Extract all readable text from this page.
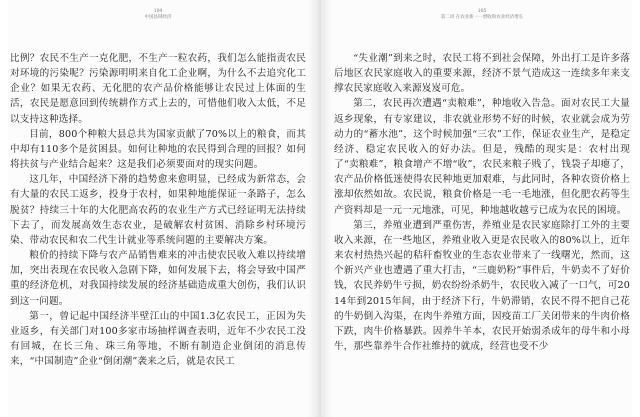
104
中国县域经济

比例？农民不生产一克化肥，不生产一粒农药，我们怎么能指责农民对环境的污染呢？污染源明明来自化工企业啊，为什么不去追究化工企业？如果无农药、无化肥的农产品价格能够让农民过上体面的生活，农民是愿意回到传统耕作方式上去的，可惜他们收入太低，不足以支持这种选择。

目前，800个种粮大县总共为国家贡献了70%以上的粮食，而其中却有110多个是贫困县。如何让种地的农民得到合理的回报？如何将扶贫与产业结合起来？这是我们必须要面对的现实问题。

这几年，中国经济下滑的趋势愈来愈明显，已经成为新常态，会有大量的农民工返乡，投身于农村，如果种地能保证一条路子，怎么脱贫？持续三十年的大化肥高农药的农业生产方式已经证明无法持续下去了，而发展高效生态农业，是破解农村贫困、消除乡村环境污染、带动农民和农二代生计就业等系统问题的主要解决方案。

粮价的持续下降与农产品销售难来的冲击使农民收入难以持续增加，突出表现在农民收入急剧下降，如何发展下去，将会导致中国严重的经济危机，对我国持续发展的经济基础造成重大创伤，我们认识到这一问题。

第一，曾记起中国经济半壁江山的中国1.3亿农民工，正因为失业返乡，有关部门对100多家市场抽样调查表明，近年不少农民工没有回城，在长三角、珠三角等地，不断有制造企业倒闭的消息传来，“中国制造”企业“倒闭潮”袭来之后，就是农民工

105
第二讲 在农业新一一增收和农业经济增长

“失业潮”到来之时，农民工将不到社会保障，外出打工是许多落后地区农民家庭收入的重要来源，经济不景气造成这一连续多年来支撑农民家庭收入来源岌岌可危。

第二，农民再次遭遇“卖粮难”，种地收入告急。面对农民工大量返乡现象，有专家建议，非农就业形势不好的时候，农业就会成为劳动力的“蓄水池”，这个时候加强“三农”工作，保证农业生产，是稳定经济、稳定农民收入的好办法。但是，残酷的现实是：农村出现了“卖粮难”，粮食增产不增“收”，农民来粮子贱了，钱袋子却瘪了，农产品价格低迷使得农民种地更加艰难，与此同时，各种农资价格上涨却依然如故。农民说，粮食价格是一毛一毛地涨，但化肥农药等生产资料却是一元一元地涨，可见，种地越收越亏已成为农民的困境。

第三，养殖业遭到严重伤害，养殖业是农民家庭除打工外的主要收入来源，在一些地区，养殖业收入更是农民收入的80%以上，近年来农村热热兴起的秸秆畜牧业的生态农业带来了一线曙光，然而，这个新兴产业也遭遇了重大打击，“三鹿奶粉”事件后，牛奶卖不了好价钱，农民养奶牛亏损，奶农纷纷杀奶牛，农民收入减了一口气，可2014年到2015年间，由于经济下行，牛奶滞销，农民不得不把自己花的牛奶倒入沟渠，在肉牛养殖方面，因疫苗工厂关闭带来的牛肉价格下跌，肉牛价格暴跌。因养牛羊本，农民开始弱杀成年的母牛和小母牛，那些靠养牛合作社维持的就成，经营也受不少
